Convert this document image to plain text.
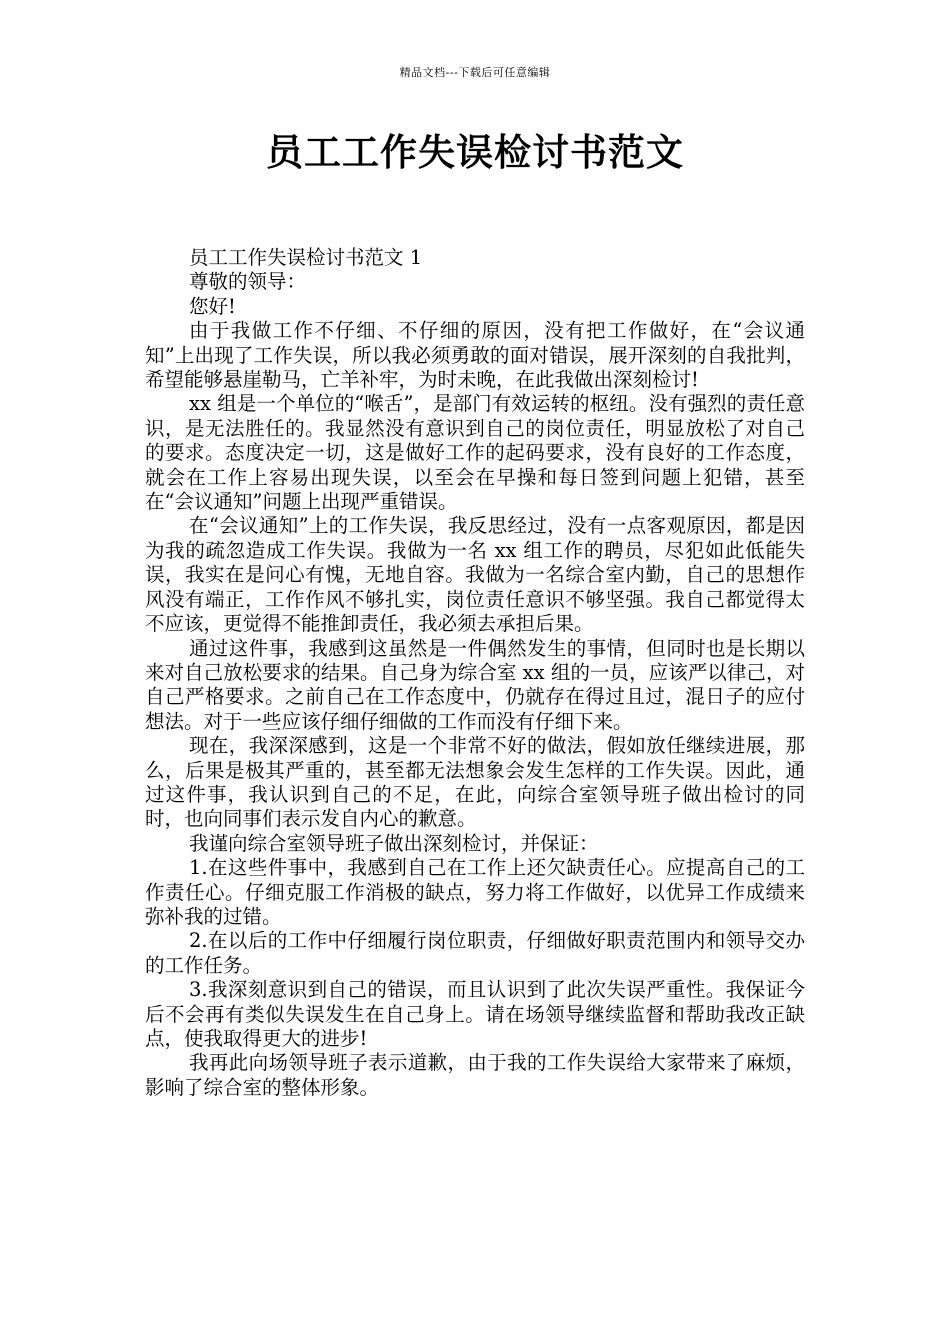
精品文档---下载后可任意编辑
员工工作失误检讨书范文

员工工作失误检讨书范文 1

尊敬的领导：

您好!

由于我做工作不仔细、不仔细的原因，没有把工作做好，在“会议通知”上出现了工作失误，所以我必须勇敢的面对错误，展开深刻的自我批判，希望能够悬崖勒马，亡羊补牢，为时未晚，在此我做出深刻检讨!

xx 组是一个单位的“喉舌”，是部门有效运转的枢纽。没有强烈的责任意识，是无法胜任的。我显然没有意识到自己的岗位责任，明显放松了对自己的要求。态度决定一切，这是做好工作的起码要求，没有良好的工作态度，就会在工作上容易出现失误，以至会在早操和每日签到问题上犯错，甚至在“会议通知”问题上出现严重错误。

在“会议通知”上的工作失误，我反思经过，没有一点客观原因，都是因为我的疏忽造成工作失误。我做为一名 xx 组工作的聘员，尽犯如此低能失误，我实在是问心有愧，无地自容。我做为一名综合室内勤，自己的思想作风没有端正，工作作风不够扎实，岗位责任意识不够坚强。我自己都觉得太不应该，更觉得不能推卸责任，我必须去承担后果。

通过这件事，我感到这虽然是一件偶然发生的事情，但同时也是长期以来对自己放松要求的结果。自己身为综合室 xx 组的一员，应该严以律己，对自己严格要求。之前自己在工作态度中，仍就存在得过且过，混日子的应付想法。对于一些应该仔细仔细做的工作而没有仔细下来。

现在，我深深感到，这是一个非常不好的做法，假如放任继续进展，那么，后果是极其严重的，甚至都无法想象会发生怎样的工作失误。因此，通过这件事，我认识到自己的不足，在此，向综合室领导班子做出检讨的同时，也向同事们表示发自内心的歉意。

我谨向综合室领导班子做出深刻检讨，并保证：

1.在这些件事中，我感到自己在工作上还欠缺责任心。应提高自己的工作责任心。仔细克服工作消极的缺点，努力将工作做好，以优异工作成绩来弥补我的过错。

2.在以后的工作中仔细履行岗位职责，仔细做好职责范围内和领导交办的工作任务。

3.我深刻意识到自己的错误，而且认识到了此次失误严重性。我保证今后不会再有类似失误发生在自己身上。请在场领导继续监督和帮助我改正缺点，使我取得更大的进步!

我再此向场领导班子表示道歉，由于我的工作失误给大家带来了麻烦，影响了综合室的整体形象。
